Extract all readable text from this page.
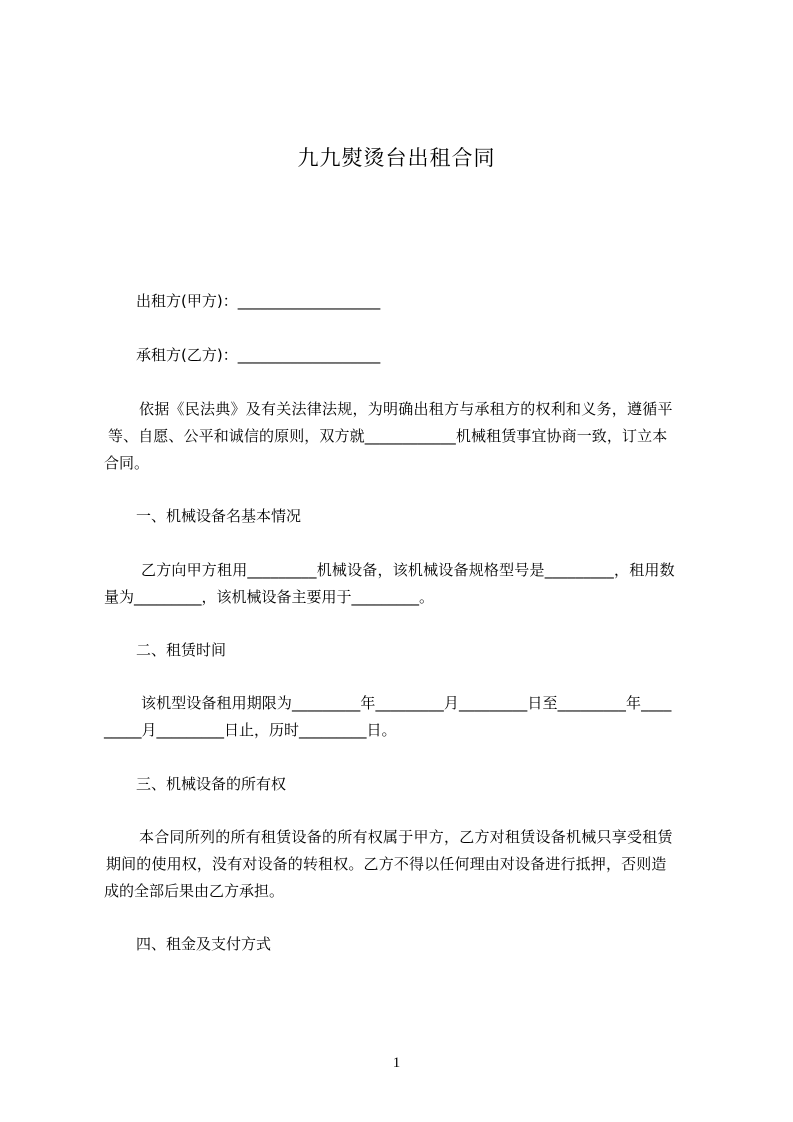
九九熨烫台出租合同
出租方(甲方)：___________________
承租方(乙方)：___________________
依据《民法典》及有关法律法规，为明确出租方与承租方的权利和义务，遵循平
等、自愿、公平和诚信的原则，双方就____________机械租赁事宜协商一致，订立本
合同。
一、机械设备名基本情况
乙方向甲方租用_________机械设备，该机械设备规格型号是_________，租用数
量为_________，该机械设备主要用于_________。
二、租赁时间
该机型设备租用期限为_________年_________月_________日至_________年____
_____月_________日止，历时_________日。
三、机械设备的所有权
本合同所列的所有租赁设备的所有权属于甲方，乙方对租赁设备机械只享受租赁
期间的使用权，没有对设备的转租权。乙方不得以任何理由对设备进行抵押，否则造
成的全部后果由乙方承担。
四、租金及支付方式
1
